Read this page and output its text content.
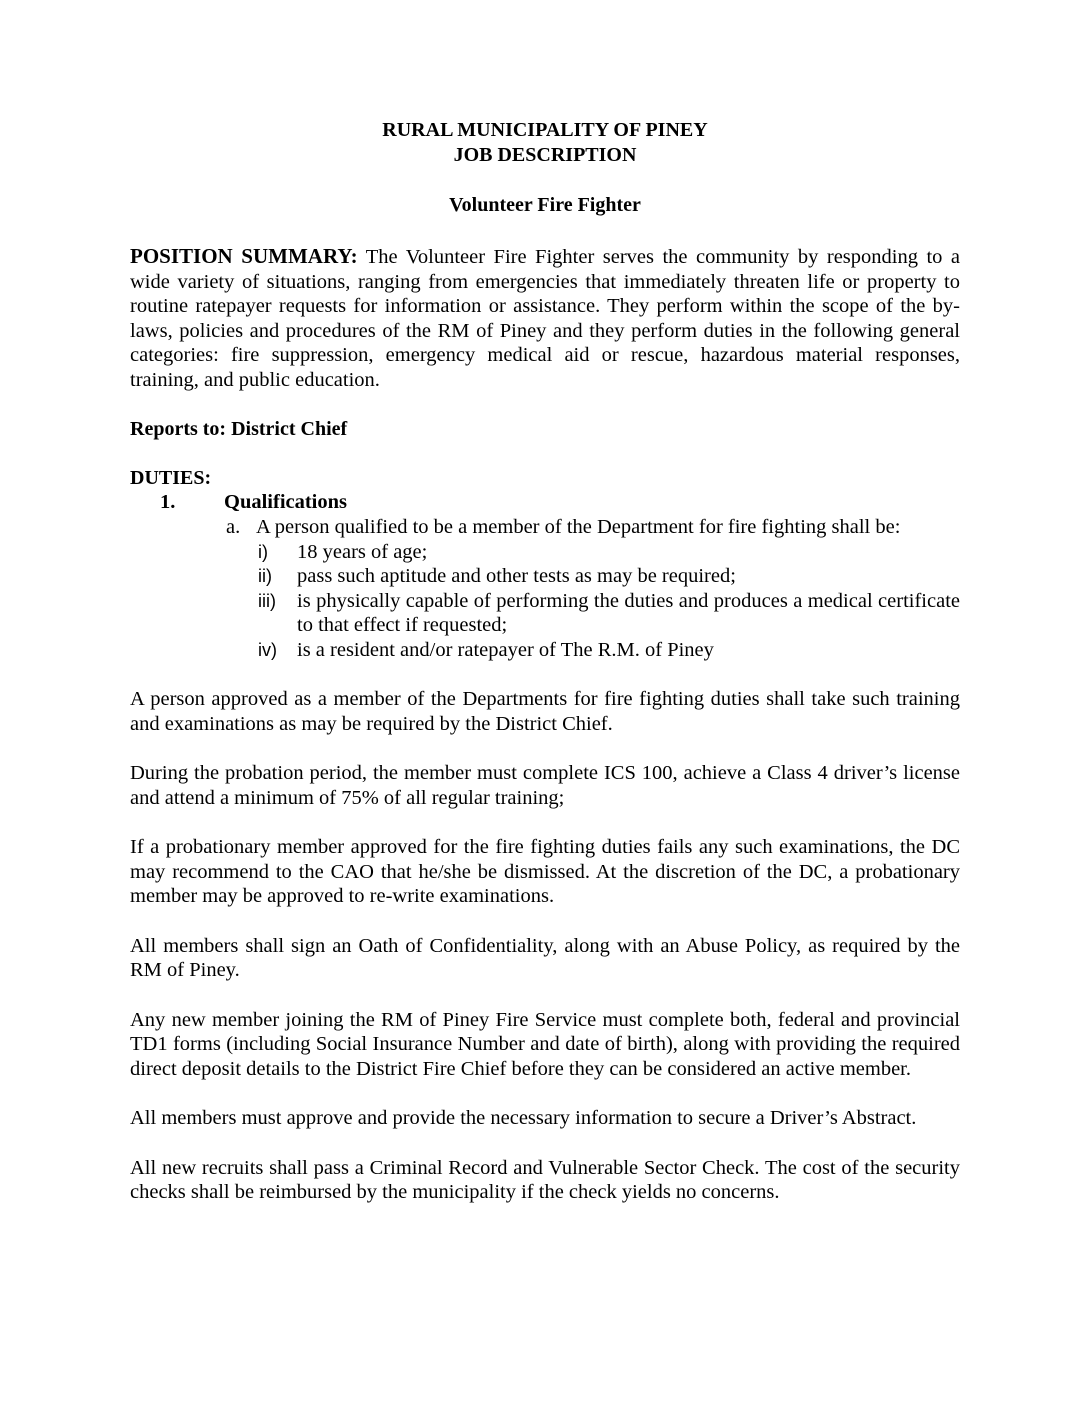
RURAL MUNICIPALITY OF PINEY
JOB DESCRIPTION
Volunteer Fire Fighter
POSITION SUMMARY: The Volunteer Fire Fighter serves the community by responding to a wide variety of situations, ranging from emergencies that immediately threaten life or property to routine ratepayer requests for information or assistance. They perform within the scope of the by-laws, policies and procedures of the RM of Piney and they perform duties in the following general categories: fire suppression, emergency medical aid or rescue, hazardous material responses, training, and public education.
Reports to: District Chief
DUTIES:
1. Qualifications
a. A person qualified to be a member of the Department for fire fighting shall be:
i) 18 years of age;
ii) pass such aptitude and other tests as may be required;
iii) is physically capable of performing the duties and produces a medical certificate to that effect if requested;
iv) is a resident and/or ratepayer of The R.M. of Piney
A person approved as a member of the Departments for fire fighting duties shall take such training and examinations as may be required by the District Chief.
During the probation period, the member must complete ICS 100, achieve a Class 4 driver’s license and attend a minimum of 75% of all regular training;
If a probationary member approved for the fire fighting duties fails any such examinations, the DC may recommend to the CAO that he/she be dismissed. At the discretion of the DC, a probationary member may be approved to re-write examinations.
All members shall sign an Oath of Confidentiality, along with an Abuse Policy, as required by the RM of Piney.
Any new member joining the RM of Piney Fire Service must complete both, federal and provincial TD1 forms (including Social Insurance Number and date of birth), along with providing the required direct deposit details to the District Fire Chief before they can be considered an active member.
All members must approve and provide the necessary information to secure a Driver’s Abstract.
All new recruits shall pass a Criminal Record and Vulnerable Sector Check. The cost of the security checks shall be reimbursed by the municipality if the check yields no concerns.
